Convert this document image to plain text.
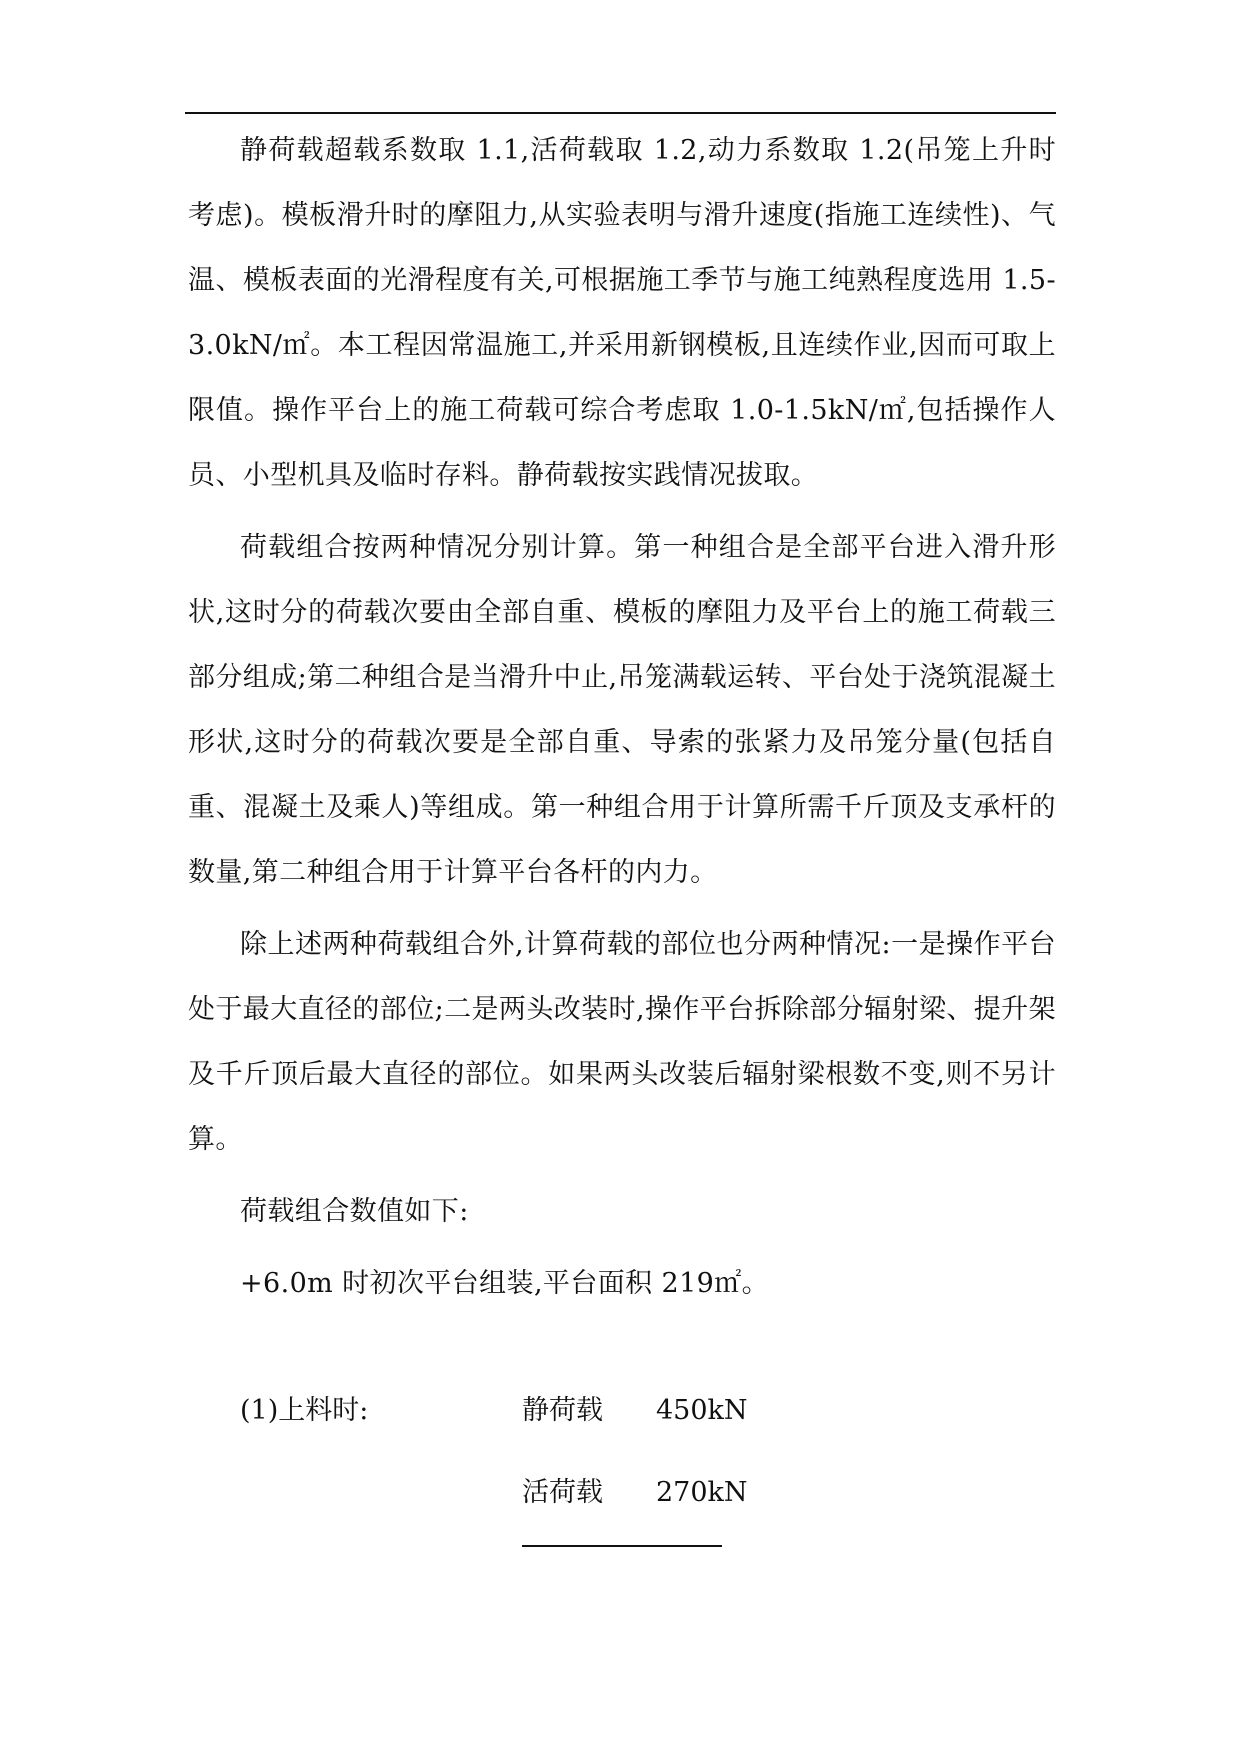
静荷载超载系数取 1.1,活荷载取 1.2,动力系数取 1.2(吊笼上升时考虑)。模板滑升时的摩阻力,从实验表明与滑升速度(指施工连续性)、气温、模板表面的光滑程度有关,可根据施工季节与施工纯熟程度选用 1.5-3.0kN/㎡。本工程因常温施工,并采用新钢模板,且连续作业,因而可取上限值。操作平台上的施工荷载可综合考虑取 1.0-1.5kN/㎡,包括操作人员、小型机具及临时存料。静荷载按实践情况拔取。

荷载组合按两种情况分别计算。第一种组合是全部平台进入滑升形状,这时分的荷载次要由全部自重、模板的摩阻力及平台上的施工荷载三部分组成;第二种组合是当滑升中止,吊笼满载运转、平台处于浇筑混凝土形状,这时分的荷载次要是全部自重、导索的张紧力及吊笼分量(包括自重、混凝土及乘人)等组成。第一种组合用于计算所需千斤顶及支承杆的数量,第二种组合用于计算平台各杆的内力。

除上述两种荷载组合外,计算荷载的部位也分两种情况:一是操作平台处于最大直径的部位;二是两头改装时,操作平台拆除部分辐射梁、提升架及千斤顶后最大直径的部位。如果两头改装后辐射梁根数不变,则不另计算。

荷载组合数值如下:

+6.0m 时初次平台组装,平台面积 219㎡。

(1)上料时:	静荷载 450kN
活荷载 270kN
